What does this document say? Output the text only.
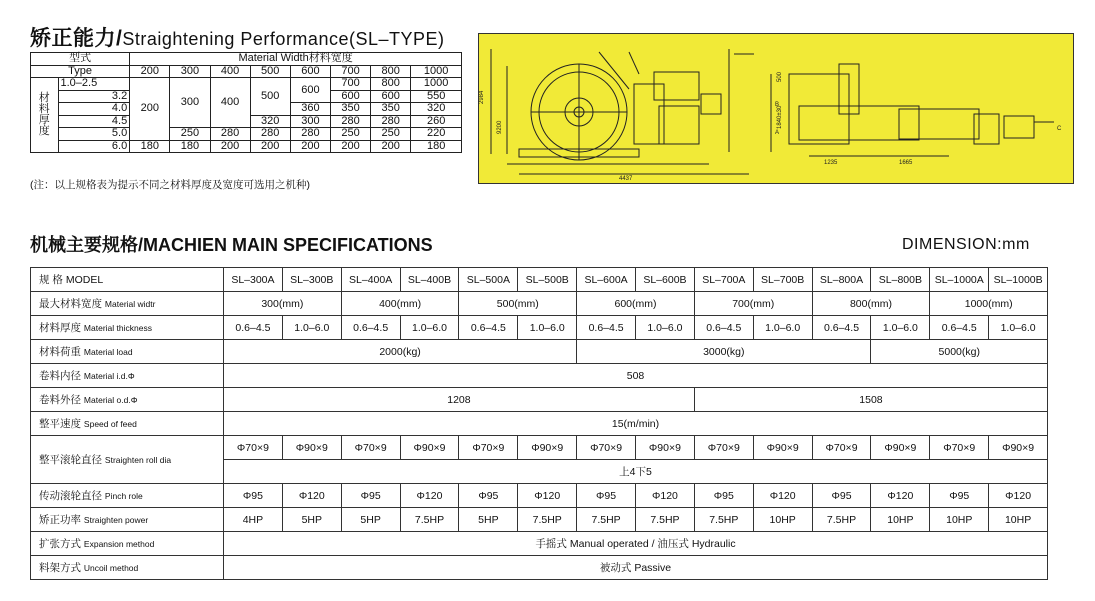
矫正能力/Straightening Performance(SL–TYPE)
型式		Material Width材料宽度							
Type		200	300	400	500	600	700	800	1000

材
料
厚
度	1.0–2.5	200	300	400	500	600	700	800	1000
	3.2						600	600	550
	4.0					360	350	350	320
	4.5				320	300	280	280	260
	5.0		250	280	280	280	250	250	220
	6.0	180	180	200	200	200	200	200	180
(注：以上规格表为提示不同之材料厚度及宽度可选用之机种)
2984
9200
4437
1235	1665
1840±30
500
A
B
C
机械主要规格/MACHIEN MAIN SPECIFICATIONS	DIMENSION:mm
规 格 MODEL	SL–300A	SL–300B	SL–400A	SL–400B	SL–500A	SL–500B	SL–600A	SL–600B	SL–700A	SL–700B	SL–800A	SL–800B	SL–1000A	SL–1000B
最大材料宽度 Material widtr	300(mm)		400(mm)		500(mm)		600(mm)		700(mm)		800(mm)		1000(mm)	
材料厚度 Material thickness	0.6–4.5	1.0–6.0	0.6–4.5	1.0–6.0	0.6–4.5	1.0–6.0	0.6–4.5	1.0–6.0	0.6–4.5	1.0–6.0	0.6–4.5	1.0–6.0	0.6–4.5	1.0–6.0
材料荷重 Material load	2000(kg)						3000(kg)					5000(kg)		
卷料内径 Material i.d.Φ	508													
卷料外径 Material o.d.Φ	1208								1508					
整平速度 Speed of feed	15(m/min)													
整平滚轮直径 Straighten roll dia	Φ70×9	Φ90×9	Φ70×9	Φ90×9	Φ70×9	Φ90×9	Φ70×9	Φ90×9	Φ70×9	Φ90×9	Φ70×9	Φ90×9	Φ70×9	Φ90×9
	上4下5													
传动滚轮直径 Pinch role	Φ95	Φ120	Φ95	Φ120	Φ95	Φ120	Φ95	Φ120	Φ95	Φ120	Φ95	Φ120	Φ95	Φ120
矫正功率 Straighten power	4HP	5HP	5HP	7.5HP	5HP	7.5HP	7.5HP	7.5HP	7.5HP	10HP	7.5HP	10HP	10HP	10HP
扩张方式 Expansion method	手摇式 Manual operated / 油压式 Hydraulic													
料架方式 Uncoil method	被动式 Passive													
